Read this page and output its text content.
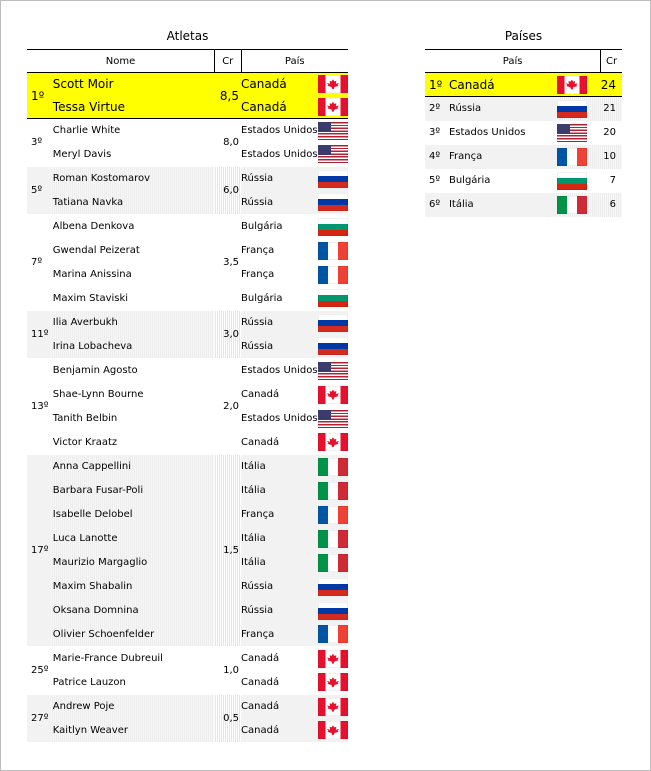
Atletas	Países
Nome		Cr	País	
1º	Scott Moir	8,5	Canadá	
	Tessa Virtue		Canadá	
3º	Charlie White	8,0	Estados Unidos	
	Meryl Davis		Estados Unidos	
5º	Roman Kostomarov	6,0	Rússia	
	Tatiana Navka		Rússia	
7º	Albena Denkova	3,5	Bulgária	
	Gwendal Peizerat		França	
	Marina Anissina		França	
	Maxim Staviski		Bulgária	
11º	Ilia Averbukh	3,0	Rússia	
	Irina Lobacheva		Rússia	
13º	Benjamin Agosto	2,0	Estados Unidos	
	Shae-Lynn Bourne		Canadá	
	Tanith Belbin		Estados Unidos	
	Victor Kraatz		Canadá	
17º	Anna Cappellini	1,5	Itália	
	Barbara Fusar-Poli		Itália	
	Isabelle Delobel		França	
	Luca Lanotte		Itália	
	Maurizio Margaglio		Itália	
	Maxim Shabalin		Rússia	
	Oksana Domnina		Rússia	
	Olivier Schoenfelder		França	
25º	Marie-France Dubreuil	1,0	Canadá	
	Patrice Lauzon		Canadá	
27º	Andrew Poje	0,5	Canadá	
	Kaitlyn Weaver		Canadá	
País			Cr
1º	Canadá		24
2º	Rússia		21
3º	Estados Unidos		20
4º	França		10
5º	Bulgária		7
6º	Itália		6
